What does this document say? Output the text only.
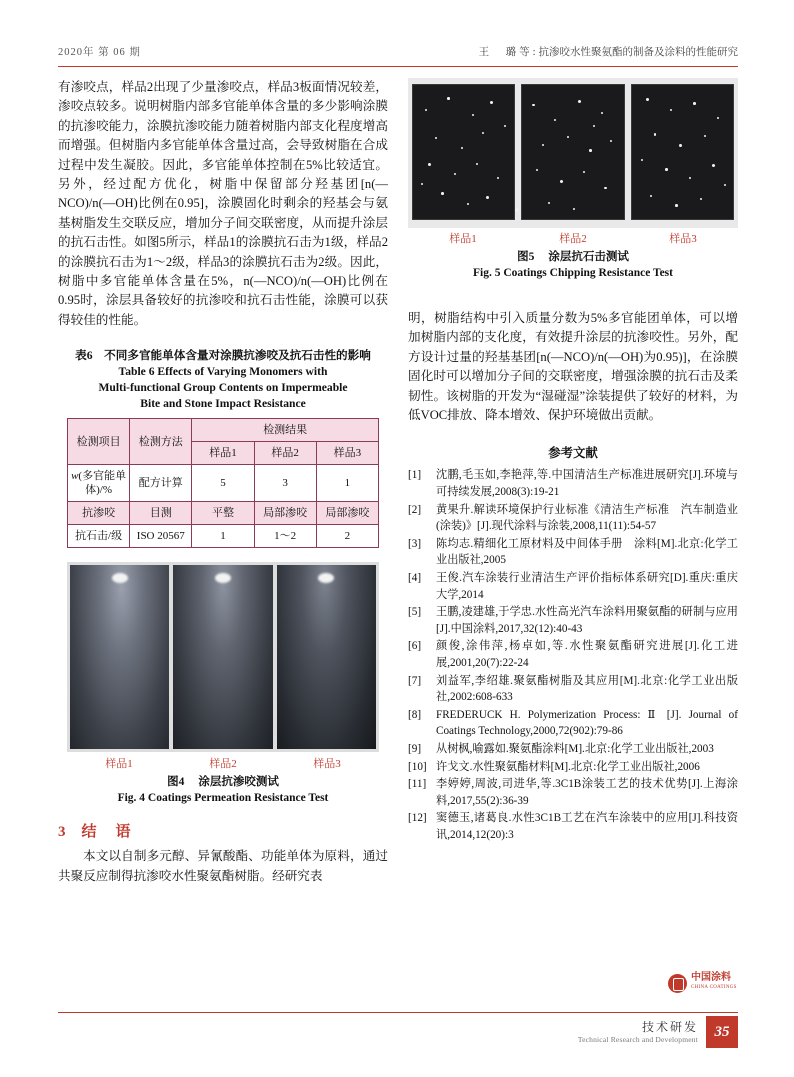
2020年 第 06 期	王　璐等:抗渗咬水性聚氨酯的制备及涂料的性能研究

有渗咬点，样品2出现了少量渗咬点，样品3板面情况较差，渗咬点较多。说明树脂内部多官能单体含量的多少影响涂膜的抗渗咬能力，涂膜抗渗咬能力随着树脂内部支化程度增高而增强。但树脂内多官能单体含量过高，会导致树脂在合成过程中发生凝胶。因此，多官能单体控制在5%比较适宜。另外，经过配方优化，树脂中保留部分羟基团[n(—NCO)/n(—OH)比例在0.95]，涂膜固化时剩余的羟基会与氨基树脂发生交联反应，增加分子间交联密度，从而提升涂层的抗石击性。如图5所示，样品1的涂膜抗石击为1级，样品2的涂膜抗石击为1～2级，样品3的涂膜抗石击为2级。因此，树脂中多官能单体含量在5%，n(—NCO)/n(—OH)比例在0.95时，涂层具备较好的抗渗咬和抗石击性能，涂膜可以获得较佳的性能。

表6　不同多官能单体含量对涂膜抗渗咬及抗石击性的影响
Table 6 Effects of Varying Monomers with
Multi-functional Group Contents on Impermeable
Bite and Stone Impact Resistance
检测项目	检测方法	检测结果		
		样品1	样品2	样品3
w(多官能单体)/%	配方计算	5	3	1
抗渗咬	目测	平整	局部渗咬	局部渗咬
抗石击/级	ISO 20567	1	1～2	2
样品1	样品2	样品3
图4 涂层抗渗咬测试
Fig. 4 Coatings Permeation Resistance Test
3 结　语

本文以自制多元醇、异氰酸酯、功能单体为原料，通过共聚反应制得抗渗咬水性聚氨酯树脂。经研究表

样品1	样品2	样品3
图5 涂层抗石击测试
Fig. 5 Coatings Chipping Resistance Test

明，树脂结构中引入质量分数为5%多官能团单体，可以增加树脂内部的支化度，有效提升涂层的抗渗咬性。另外，配方设计过量的羟基基团[n(—NCO)/n(—OH)为0.95)]，在涂膜固化时可以增加分子间的交联密度，增强涂膜的抗石击及柔韧性。该树脂的开发为“湿碰湿”涂装提供了较好的材料，为低VOC排放、降本增效、保护环境做出贡献。

参考文献
[1]	沈鹏,毛玉如,李艳萍,等.中国清洁生产标准进展研究[J].环境与可持续发展,2008(3):19-21
[2]	黄果升.解读环境保护行业标准《清洁生产标准　汽车制造业(涂装)》[J].现代涂料与涂装,2008,11(11):54-57
[3]	陈均志.精细化工原材料及中间体手册　涂料[M].北京:化学工业出版社,2005
[4]	王俊.汽车涂装行业清洁生产评价指标体系研究[D].重庆:重庆大学,2014
[5]	王鹏,凌建雄,于学忠.水性高光汽车涂料用聚氨酯的研制与应用[J].中国涂料,2017,32(12):40-43
[6]	颜俊,涂伟萍,杨卓如,等.水性聚氨酯研究进展[J].化工进展,2001,20(7):22-24
[7]	刘益军,李绍雄.聚氨酯树脂及其应用[M].北京:化学工业出版社,2002:608-633
[8]	FREDERUCK H. Polymerization Process: Ⅱ [J]. Journal of Coatings Technology,2000,72(902):79-86
[9]	从树枫,喻露如.聚氨酯涂料[M].北京:化学工业出版社,2003
[10] 许戈文.水性聚氨酯材料[M].北京:化学工业出版社,2006
[11] 李婷婷,周波,司进华,等.3C1B涂装工艺的技术优势[J].上海涂料,2017,55(2):36-39
[12] 窦德玉,诸葛良.水性3C1B工艺在汽车涂装中的应用[J].科技资讯,2014,12(20):3
中国涂料
CHINA COATINGS
技术研发
Technical Research and Development	35
